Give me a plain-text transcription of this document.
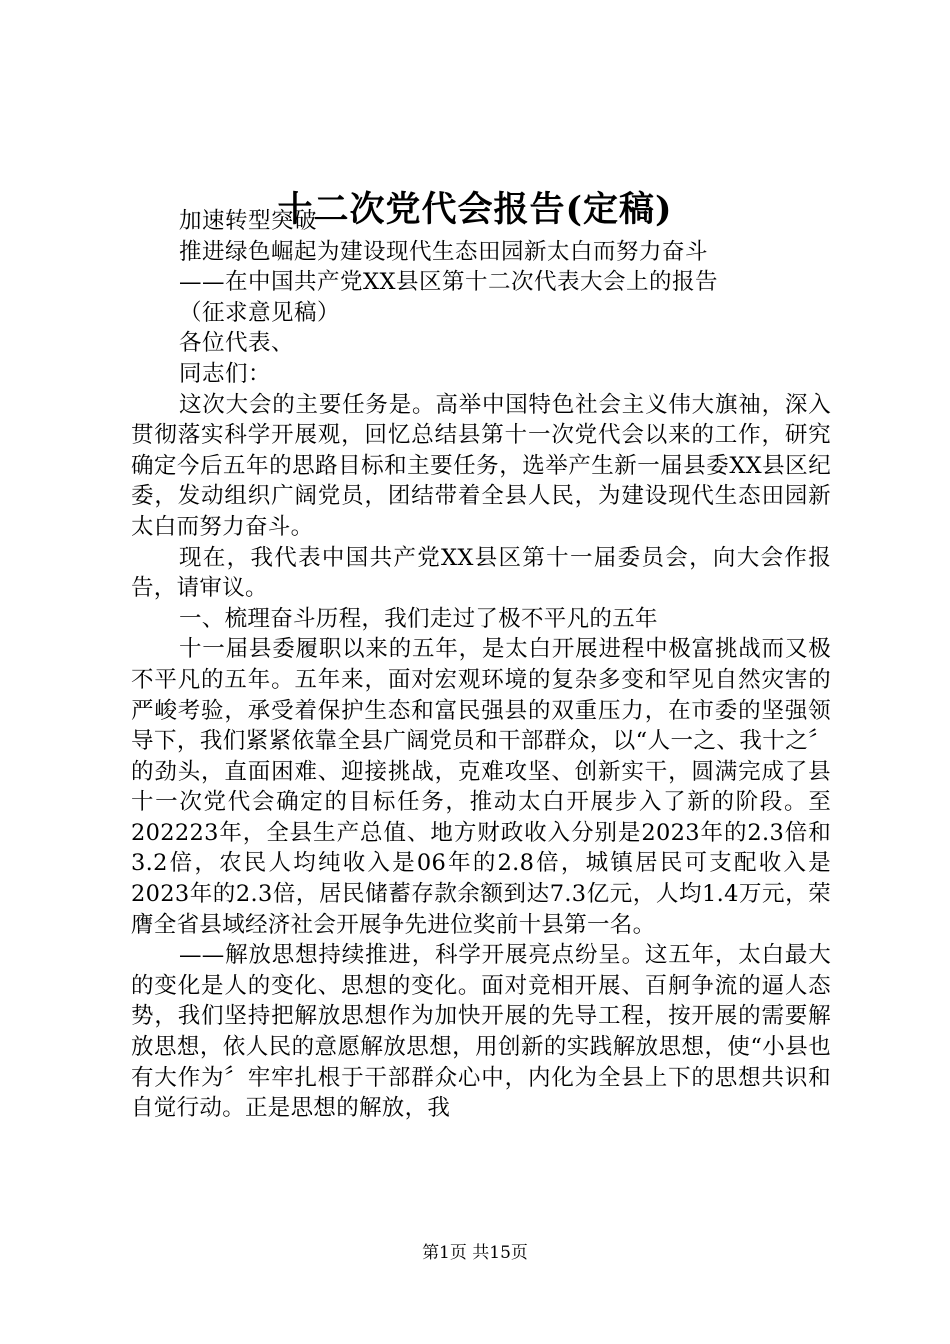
十二次党代会报告(定稿)
加速转型突破
推进绿色崛起为建设现代生态田园新太白而努力奋斗
——在中国共产党XX县区第十二次代表大会上的报告
（征求意见稿）
各位代表、
同志们：
这次大会的主要任务是。高举中国特色社会主义伟大旗䄂，深入贯彻落实科学开展观，回忆总结县第十一次党代会以来的工作，研究确定今后五年的思路目标和主要任务，选举产生新一届县委XX县区纪委，发动组织广阔党员，团结带着全县人民，为建设现代生态田园新太白而努力奋斗。
现在，我代表中国共产党XX县区第十一届委员会，向大会作报告，请审议。
一、梳理奋斗历程，我们走过了极不平凡的五年
十一届县委履职以来的五年，是太白开展进程中极富挑战而又极不平凡的五年。五年来，面对宏观环境的复杂多变和罕见自然灾害的严峻考验，承受着保护生态和富民强县的双重压力，在市委的坚强领导下，我们紧紧依靠全县广阔党员和干部群众，以“人一之、我十之〞的劲头，直面困难、迎接挑战，克难攻坚、创新实干，圆满完成了县十一次党代会确定的目标任务，推动太白开展步入了新的阶段。至202223年，全县生产总值、地方财政收入分别是2023年的2.3倍和3.2倍，农民人均纯收入是06年的2.8倍，城镇居民可支配收入是2023年的2.3倍，居民储蓄存款余额到达7.3亿元，人均1.4万元，荣膺全省县域经济社会开展争先进位奖前十县第一名。
——解放思想持续推进，科学开展亮点纷呈。这五年，太白最大的变化是人的变化、思想的变化。面对竞相开展、百舸争流的逼人态势，我们坚持把解放思想作为加快开展的先导工程，按开展的需要解放思想，依人民的意愿解放思想，用创新的实践解放思想，使“小县也有大作为〞牢牢扎根于干部群众心中，内化为全县上下的思想共识和自觉行动。正是思想的解放，我
第1页 共15页
